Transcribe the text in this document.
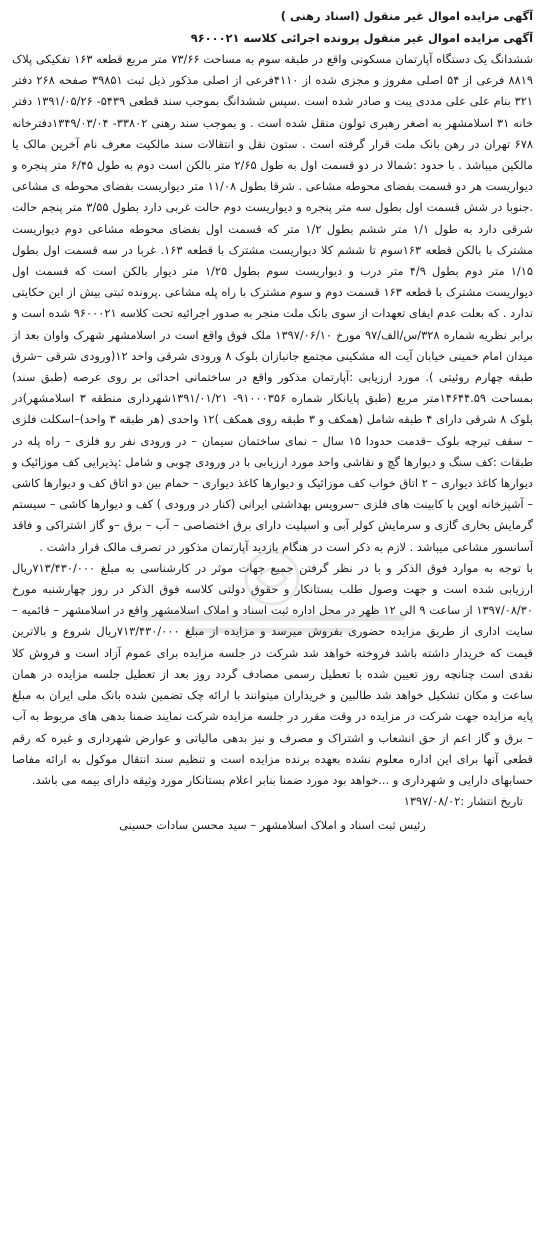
آگهی مزایده اموال غیر منقول (اسناد رهنی )
آگهی مزایده اموال غیر منقول پرونده اجرائی کلاسه ۹۶۰۰۰۲۱

ششدانگ یک دستگاه آپارتمان مسکونی واقع در طبقه سوم به مساحت ۷۳/۶۶ متر مربع قطعه ۱۶۳ تفکیکی پلاک ۸۸۱۹ فرعی از ۵۴ اصلی مفروز و مجزی شده از ۴۱۱۰فرعی از اصلی مذکور ذیل ثبت ۳۹۸۵۱ صفحه ۲۶۸ دفتر ۳۲۱ بنام علی علی مددی یبت و صادر شده است .سپس ششدانگ بموجب سند قطعی ۵۴۳۹- ۱۳۹۱/۰۵/۲۶ دفتر خانه ۳۱ اسلامشهر به اصغر رهبری تولون منقل شده است . و بموجب سند رهنی ۳۳۸۰۲- ۱۳۴۹/۰۳/۰۴دفترخانه ۶۷۸ تهران در رهن بانک ملت قرار گرفته است . ستون نقل و انتقالات سند مالکیت معرف نام آخرین مالک یا مالکین میباشد . با حدود :شمالا در دو قسمت اول به طول ۲/۶۵ متر بالکن است دوم به طول ۶/۴۵ متر پنجره و دیواریست هر دو قسمت بفضای محوطه مشاعی . شرقا بطول ۱۱/۰۸ متر دیواریست بفضای محوطه ی مشاعی .جنوبا در شش قسمت اول بطول سه متر پنجره و دیواریست دوم حالت غربی دارد بطول ۳/۵۵ متر پنجم حالت شرقی دارد به طول ۱/۱ متر ششم بطول ۱/۲ متر که قسمت اول بفضای محوطه مشاعی دوم دیواریست مشترک با بالکن قطعه ۱۶۳سوم تا ششم کلا دیواریست مشترک با قطعه ۱۶۳. غربا در سه قسمت اول بطول ۱/۱۵ متر دوم بطول ۴/۹ متر درب و دیواریست سوم بطول ۱/۲۵ متر دیوار بالکن است که قسمت اول دیواریست مشترک با قطعه ۱۶۳ قسمت دوم و سوم مشترک با راه پله مشاعی .پرونده ثبتی بیش از این حکایتی ندارد . که بعلت عدم ایفای تعهدات از سوی بانک ملت منجر به صدور اجرائیه تحت کلاسه ۹۶۰۰۰۲۱ شده است و برابر نظریه شماره ۳۲۸/س/الف/۹۷ مورخ ۱۳۹۷/۰۶/۱۰ ملک فوق واقع است در اسلامشهر شهرک واوان بعد از میدان امام خمینی خیابان آیت اله مشکینی مجتمع جانبازان بلوک ۸ ورودی شرقی واحد ۱۲(ورودی شرقی –شرق طبقه چهارم روئیتی ). مورد ارزیابی :آپارتمان مذکور واقع در ساختمانی احداثی بر روی عرصه (طبق سند) بمساحت ۱۴۶۴۴.۵۹متر مربع (طبق پایانکار شماره ۹۱۰۰۰۳۵۶- ۱۳۹۱/۰۱/۲۱شهرداری منطقه ۳ اسلامشهر)در بلوک ۸ شرقی دارای ۴ طبقه شامل (همکف و ۳ طبقه روی همکف )۱۲ واحدی (هر طبقه ۳ واحد)–اسکلت فلزی – سقف تیرچه بلوک –قدمت حدودا ۱۵ سال – نمای ساختمان سیمان – در ورودی نفر رو فلزی – راه پله در طبقات :کف سنگ و دیوارها گچ و نقاشی واحد مورد ارزیابی با در ورودی چوبی و شامل :پذیرایی کف موزائیک و دیوارها کاغذ دیواری – ۲ اتاق خواب کف موزائیک و دیوارها کاغذ دیواری – حمام بین دو اتاق کف و دیوارها کاشی – آشپزخانه اوپن با کابینت های فلزی –سرویس بهداشتی ایرانی (کنار در ورودی ) کف و دیوارها کاشی – سیستم گرمایش بخاری گازی و سرمایش کولر آبی و اسپلیت دارای برق اختصاصی – آب – برق –و گاز اشتراکی و فاقد آسانسور مشاعی میباشد . لازم به ذکر است در هنگام بازدید آپارتمان مذکور در تصرف مالک قرار داشت .

با توجه به موارد فوق الذکر و با در نظر گرفتن جمیع جهات موثر در کارشناسی به مبلغ ۷۱۳/۴۳۰/۰۰۰ریال ارزیابی شده است و جهت وصول طلب بستانکار و حقوق دولتی کلاسه فوق الذکر در روز چهارشنبه مورخ ۱۳۹۷/۰۸/۳۰ از ساعت ۹ الی ۱۲ ظهر در محل اداره ثبت اسناد و املاک اسلامشهر واقع در اسلامشهر – قائمیه – سایت اداری از طریق مزایده حضوری بفروش میرسد و مزایده از مبلغ ۷۱۳/۴۳۰/۰۰۰ریال شروع و بالاترین قیمت که خریدار داشته باشد فروخته خواهد شد شرکت در جلسه مزایده برای عموم آزاد است و فروش کلا نقدی است چنانچه روز تعیین شده با تعطیل رسمی مصادف گردد روز بعد از تعطیل جلسه مزایده در همان ساعت و مکان تشکیل خواهد شد طالبین و خریداران میتوانند با ارائه چک تضمین شده بانک ملی ایران به مبلغ پایه مزایده جهت شرکت در مزایده در وقت مقرر در جلسه مزایده شرکت نمایند ضمنا بدهی های مربوط به آب – برق و گاز اعم از حق انشعاب و اشتراک و مصرف و نیز بدهی مالیاتی و عوارض شهرداری و غیره که رقم قطعی آنها برای این اداره معلوم نشده بعهده برنده مزایده است و تنظیم سند انتقال موکول به ارائه مفاصا حسابهای دارایی و شهرداری و ...خواهد بود مورد ضمنا بنابر اعلام بستانکار مورد وثیقه دارای بیمه می باشد.

تاریخ انتشار :۱۳۹۷/۰۸/۰۲
رئیس ثبت اسناد و املاک اسلامشهر – سید محسن سادات حسینی
